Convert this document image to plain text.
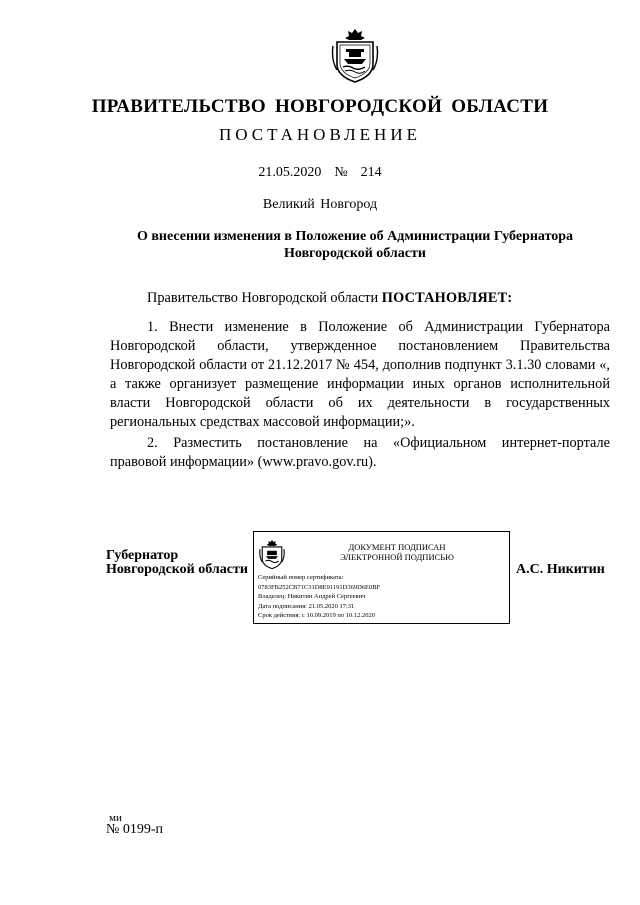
ПРАВИТЕЛЬСТВО НОВГОРОДСКОЙ ОБЛАСТИ
ПОСТАНОВЛЕНИЕ
21.05.2020 № 214
Великий Новгород
О внесении изменения в Положение об Администрации Губернатора Новгородской области
Правительство Новгородской области ПОСТАНОВЛЯЕТ:
1. Внести изменение в Положение об Администрации Губернатора Новгородской области, утвержденное постановлением Правительства Новгородской области от 21.12.2017 № 454, дополнив подпункт 3.1.30 словами «, а также организует размещение информации иных органов исполнительной власти Новгородской области об их деятельности в государственных региональных средствах массовой информации;».
2. Разместить постановление на «Официальном интернет-портале правовой информации» (www.pravo.gov.ru).
Губернатор
Новгородской области
ДОКУМЕНТ ПОДПИСАН
ЭЛЕКТРОННОЙ ПОДПИСЬЮ
Серийный номер сертификата:
0783FB252CB71C31D8E91191D369D6E0BF
Владелец: Никитин Андрей Сергеевич
Дата подписания: 21.05.2020 17:31
Срок действия: с 10.09.2019 по 10.12.2020
А.С. Никитин
ми
№ 0199-п
